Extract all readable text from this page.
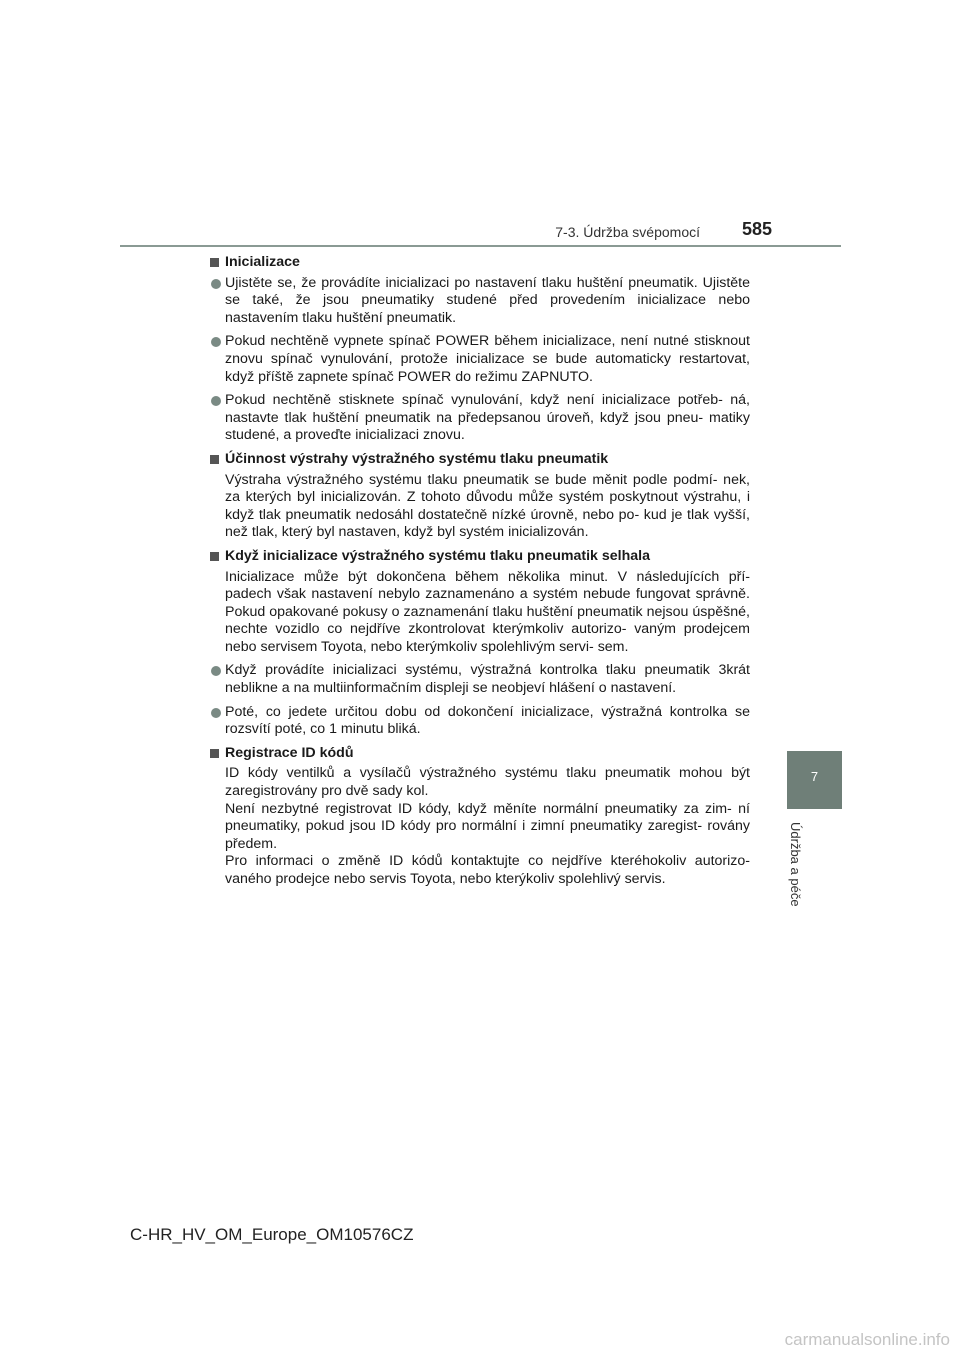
7-3. Údržba svépomocí 585
7
Údržba a péče
Inicializace
Ujistěte se, že provádíte inicializaci po nastavení tlaku huštění pneumatik. Ujistěte se také, že jsou pneumatiky studené před provedením inicializace nebo nastavením tlaku huštění pneumatik.
Pokud nechtěně vypnete spínač POWER během inicializace, není nutné stisknout znovu spínač vynulování, protože inicializace se bude automaticky restartovat, když příště zapnete spínač POWER do režimu ZAPNUTO.
Pokud nechtěně stisknete spínač vynulování, když není inicializace potřeb- ná, nastavte tlak huštění pneumatik na předepsanou úroveň, když jsou pneu- matiky studené, a proveďte inicializaci znovu.
Účinnost výstrahy výstražného systému tlaku pneumatik

Výstraha výstražného systému tlaku pneumatik se bude měnit podle podmí- nek, za kterých byl inicializován. Z tohoto důvodu může systém poskytnout výstrahu, i když tlak pneumatik nedosáhl dostatečně nízké úrovně, nebo po- kud je tlak vyšší, než tlak, který byl nastaven, když byl systém inicializován.

Když inicializace výstražného systému tlaku pneumatik selhala

Inicializace může být dokončena během několika minut. V následujících pří- padech však nastavení nebylo zaznamenáno a systém nebude fungovat správně. Pokud opakované pokusy o zaznamenání tlaku huštění pneumatik nejsou úspěšné, nechte vozidlo co nejdříve zkontrolovat kterýmkoliv autorizo- vaným prodejcem nebo servisem Toyota, nebo kterýmkoliv spolehlivým servi- sem.

Když provádíte inicializaci systému, výstražná kontrolka tlaku pneumatik 3krát neblikne a na multiinformačním displeji se neobjeví hlášení o nastavení.
Poté, co jedete určitou dobu od dokončení inicializace, výstražná kontrolka se rozsvítí poté, co 1 minutu bliká.
Registrace ID kódů

ID kódy ventilků a vysílačů výstražného systému tlaku pneumatik mohou být zaregistrovány pro dvě sady kol.

Není nezbytné registrovat ID kódy, když měníte normální pneumatiky za zim- ní pneumatiky, pokud jsou ID kódy pro normální i zimní pneumatiky zaregist- rovány předem.

Pro informaci o změně ID kódů kontaktujte co nejdříve kteréhokoliv autorizo- vaného prodejce nebo servis Toyota, nebo kterýkoliv spolehlivý servis.

C-HR_HV_OM_Europe_OM10576CZ
carmanualsonline.info
